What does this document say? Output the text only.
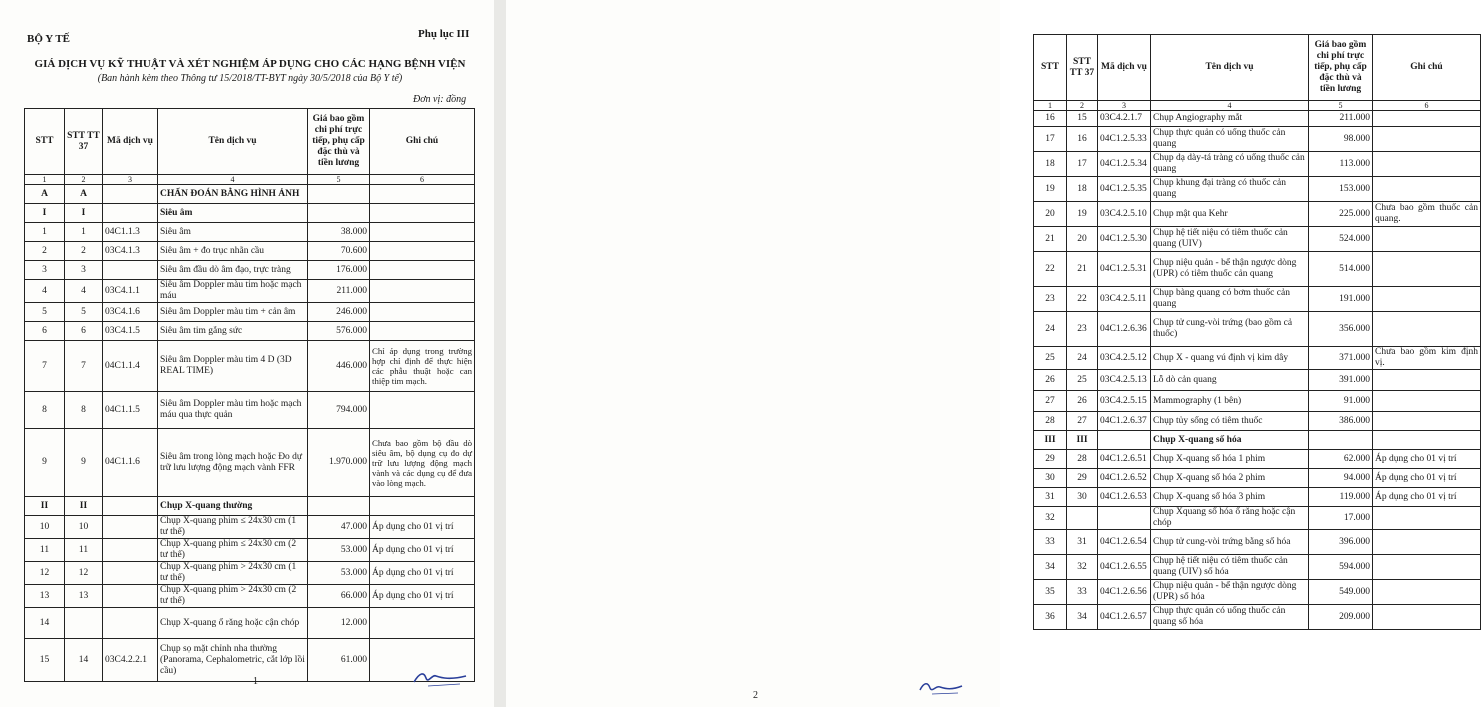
BỘ Y TẾ	Phụ lục III
GIÁ DỊCH VỤ KỸ THUẬT VÀ XÉT NGHIỆM ÁP DỤNG CHO CÁC HẠNG BỆNH VIỆN
(Ban hành kèm theo Thông tư 15/2018/TT-BYT ngày 30/5/2018 của Bộ Y tế)
Đơn vị: đồng
STT	STT TT 37	Mã dịch vụ	Tên dịch vụ	Giá bao gồm chi phí trực tiếp, phụ cấp đặc thù và tiền lương	Ghi chú
1	2	3	4	5	6
A	A		CHẨN ĐOÁN BẰNG HÌNH ẢNH		
I	I		Siêu âm		
1	1	04C1.1.3	Siêu âm	38.000	
2	2	03C4.1.3	Siêu âm + đo trục nhãn cầu	70.600	
3	3		Siêu âm đầu dò âm đạo, trực tràng	176.000	
4	4	03C4.1.1	Siêu âm Doppler màu tim hoặc mạch máu	211.000	
5	5	03C4.1.6	Siêu âm Doppler màu tim + cản âm	246.000	
6	6	03C4.1.5	Siêu âm tim gắng sức	576.000	
7	7	04C1.1.4	Siêu âm Doppler màu tim 4 D (3D REAL TIME)	446.000	Chỉ áp dụng trong trường hợp chỉ định để thực hiện các phẫu thuật hoặc can thiệp tim mạch.
8	8	04C1.1.5	Siêu âm Doppler màu tim hoặc mạch máu qua thực quản	794.000	
9	9	04C1.1.6	Siêu âm trong lòng mạch hoặc Đo dự trữ lưu lượng động mạch vành FFR	1.970.000	Chưa bao gồm bộ đầu dò siêu âm, bộ dụng cụ đo dự trữ lưu lượng động mạch vành và các dụng cụ để đưa vào lòng mạch.
II	II		Chụp X-quang thường		
10	10		Chụp X-quang phim ≤ 24x30 cm (1 tư thế)	47.000	Áp dụng cho 01 vị trí
11	11		Chụp X-quang phim ≤ 24x30 cm (2 tư thế)	53.000	Áp dụng cho 01 vị trí
12	12		Chụp X-quang phim > 24x30 cm (1 tư thế)	53.000	Áp dụng cho 01 vị trí
13	13		Chụp X-quang phim > 24x30 cm (2 tư thế)	66.000	Áp dụng cho 01 vị trí
14			Chụp X-quang ổ răng hoặc cận chóp	12.000	
15	14	03C4.2.2.1	Chụp sọ mặt chỉnh nha thường (Panorama, Cephalometric, cắt lớp lồi cầu)	61.000	
1
STT	STT TT 37	Mã dịch vụ	Tên dịch vụ	Giá bao gồm chi phí trực tiếp, phụ cấp đặc thù và tiền lương	Ghi chú
1	2	3	4	5	6
16	15	03C4.2.1.7	Chụp Angiography mắt	211.000	
17	16	04C1.2.5.33	Chụp thực quản có uống thuốc cản quang	98.000	
18	17	04C1.2.5.34	Chụp dạ dày-tá tràng có uống thuốc cản quang	113.000	
19	18	04C1.2.5.35	Chụp khung đại tràng có thuốc cản quang	153.000	
20	19	03C4.2.5.10	Chụp mật qua Kehr	225.000	Chưa bao gồm thuốc cản quang.
21	20	04C1.2.5.30	Chụp hệ tiết niệu có tiêm thuốc cản quang (UIV)	524.000	
22	21	04C1.2.5.31	Chụp niệu quản - bể thận ngược dòng (UPR) có tiêm thuốc cản quang	514.000	
23	22	03C4.2.5.11	Chụp bàng quang có bơm thuốc cản quang	191.000	
24	23	04C1.2.6.36	Chụp tử cung-vòi trứng (bao gồm cả thuốc)	356.000	
25	24	03C4.2.5.12	Chụp X - quang vú định vị kim dây	371.000	Chưa bao gồm kim định vị.
26	25	03C4.2.5.13	Lỗ dò cản quang	391.000	
27	26	03C4.2.5.15	Mammography (1 bên)	91.000	
28	27	04C1.2.6.37	Chụp tủy sống có tiêm thuốc	386.000	
III	III		Chụp X-quang số hóa		
29	28	04C1.2.6.51	Chụp X-quang số hóa 1 phim	62.000	Áp dụng cho 01 vị trí
30	29	04C1.2.6.52	Chụp X-quang số hóa 2 phim	94.000	Áp dụng cho 01 vị trí
31	30	04C1.2.6.53	Chụp X-quang số hóa 3 phim	119.000	Áp dụng cho 01 vị trí
32			Chụp Xquang số hóa ổ răng hoặc cận chóp	17.000	
33	31	04C1.2.6.54	Chụp tử cung-vòi trứng bằng số hóa	396.000	
34	32	04C1.2.6.55	Chụp hệ tiết niệu có tiêm thuốc cản quang (UIV) số hóa	594.000	
35	33	04C1.2.6.56	Chụp niệu quản - bể thận ngược dòng (UPR) số hóa	549.000	
36	34	04C1.2.6.57	Chụp thực quản có uống thuốc cản quang số hóa	209.000	
2
